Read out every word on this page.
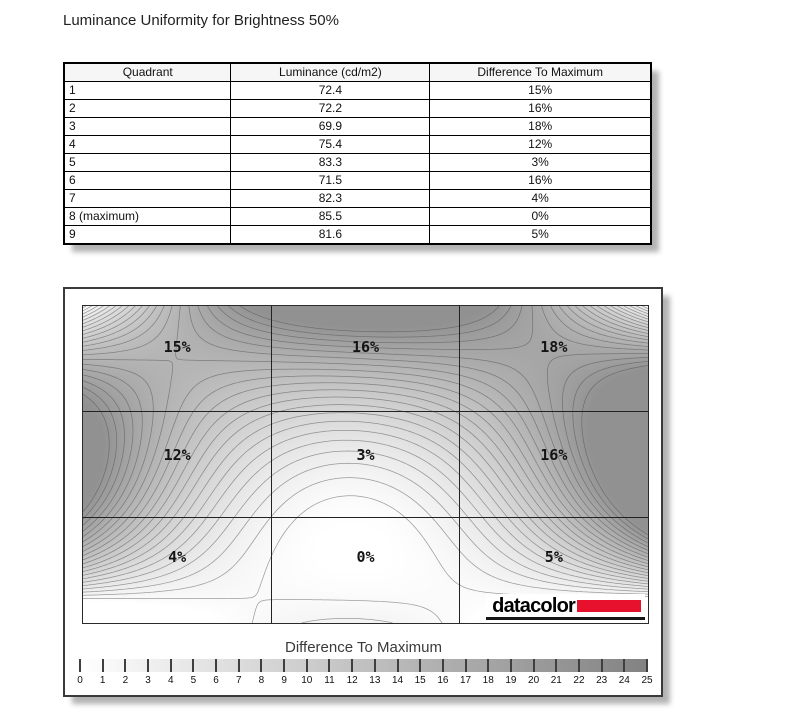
Luminance Uniformity for Brightness 50%
Quadrant	Luminance (cd/m2)	Difference To Maximum
1	72.4	15%
2	72.2	16%
3	69.9	18%
4	75.4	12%
5	83.3	3%
6	71.5	16%
7	82.3	4%
8 (maximum)	85.5	0%
9	81.6	5%
15%	16%	18%
12%	3%	16%
4%	0%	5%
datacolor
Difference To Maximum
0 1 2 3 4 5 6 7 8 9 10 11 12 13 14 15 16 17 18 19 20 21 22 23 24 25
